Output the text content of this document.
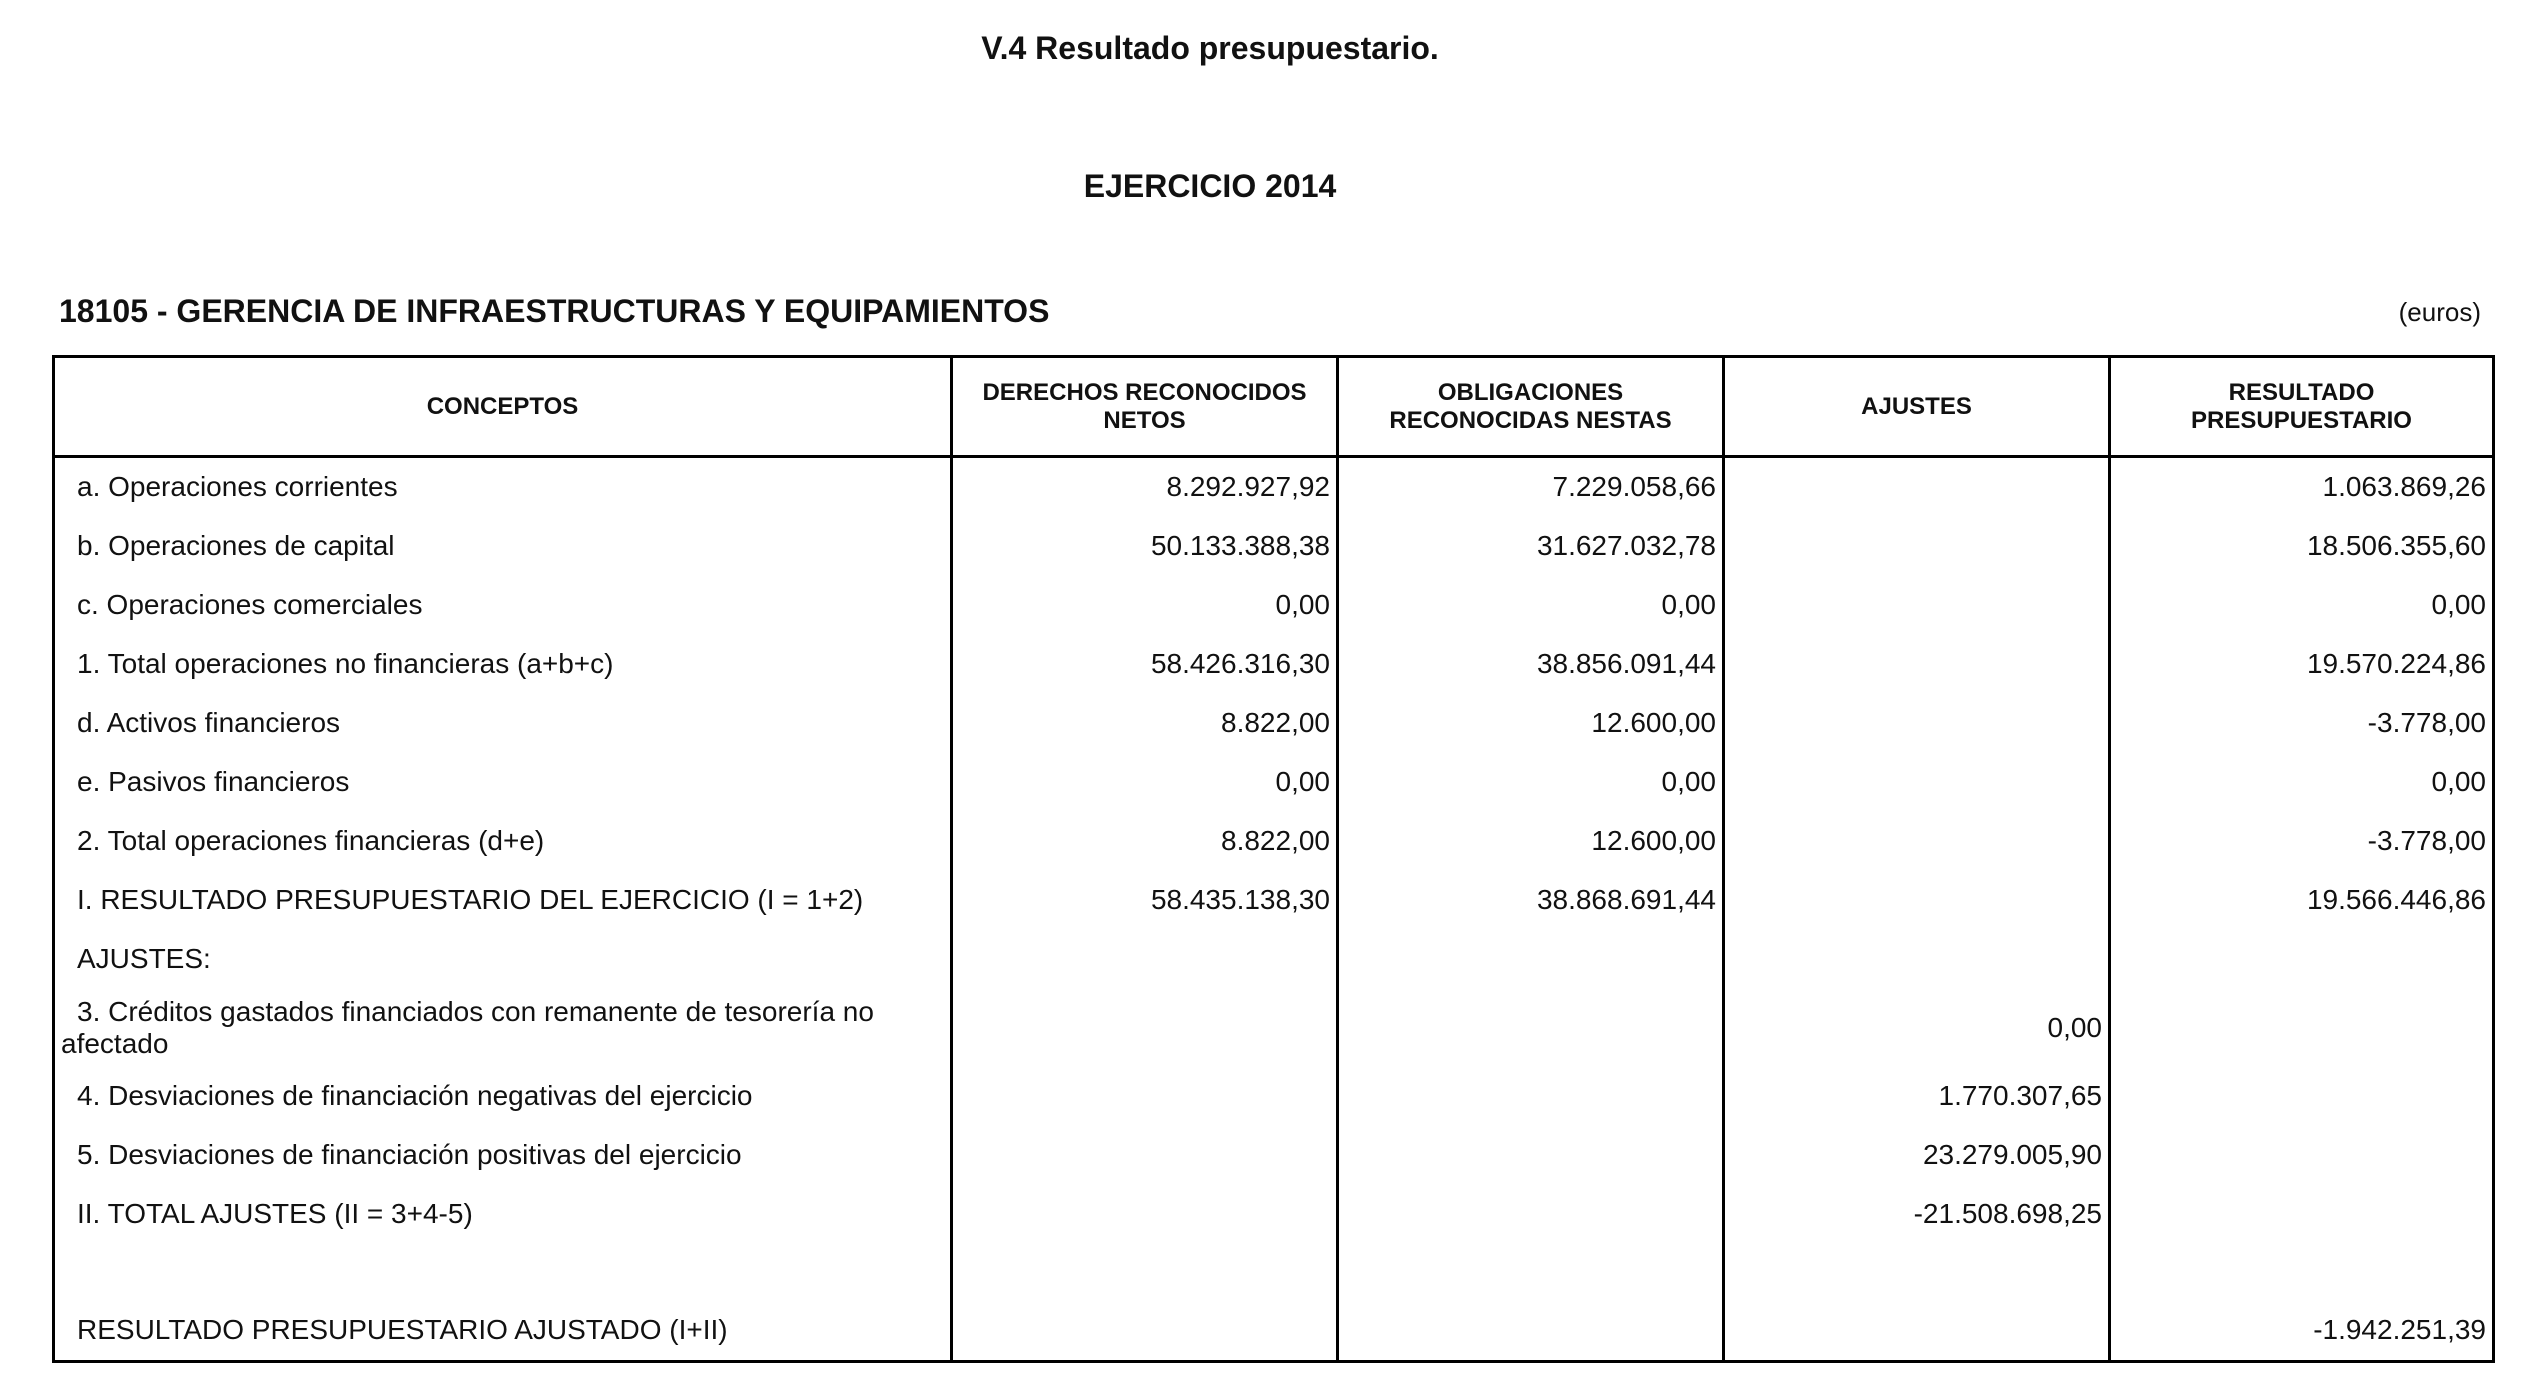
V.4 Resultado presupuestario.
EJERCICIO 2014
18105 - GERENCIA DE INFRAESTRUCTURAS Y EQUIPAMIENTOS	(euros)
CONCEPTOS	DERECHOS RECONOCIDOS NETOS	OBLIGACIONES RECONOCIDAS NESTAS	AJUSTES	RESULTADO PRESUPUESTARIO
a. Operaciones corrientes	8.292.927,92	7.229.058,66		1.063.869,26
b. Operaciones de capital	50.133.388,38	31.627.032,78		18.506.355,60
c. Operaciones comerciales	0,00	0,00		0,00
1. Total operaciones no financieras (a+b+c)	58.426.316,30	38.856.091,44		19.570.224,86
d. Activos financieros	8.822,00	12.600,00		-3.778,00
e. Pasivos financieros	0,00	0,00		0,00
2. Total operaciones financieras (d+e)	8.822,00	12.600,00		-3.778,00
I. RESULTADO PRESUPUESTARIO DEL EJERCICIO (I = 1+2)	58.435.138,30	38.868.691,44		19.566.446,86
AJUSTES:				
3. Créditos gastados financiados con remanente de tesorería no afectado			0,00	
4. Desviaciones de financiación negativas del ejercicio			1.770.307,65	
5. Desviaciones de financiación positivas del ejercicio			23.279.005,90	
II. TOTAL AJUSTES (II = 3+4-5)			-21.508.698,25	

RESULTADO PRESUPUESTARIO AJUSTADO (I+II)				-1.942.251,39
